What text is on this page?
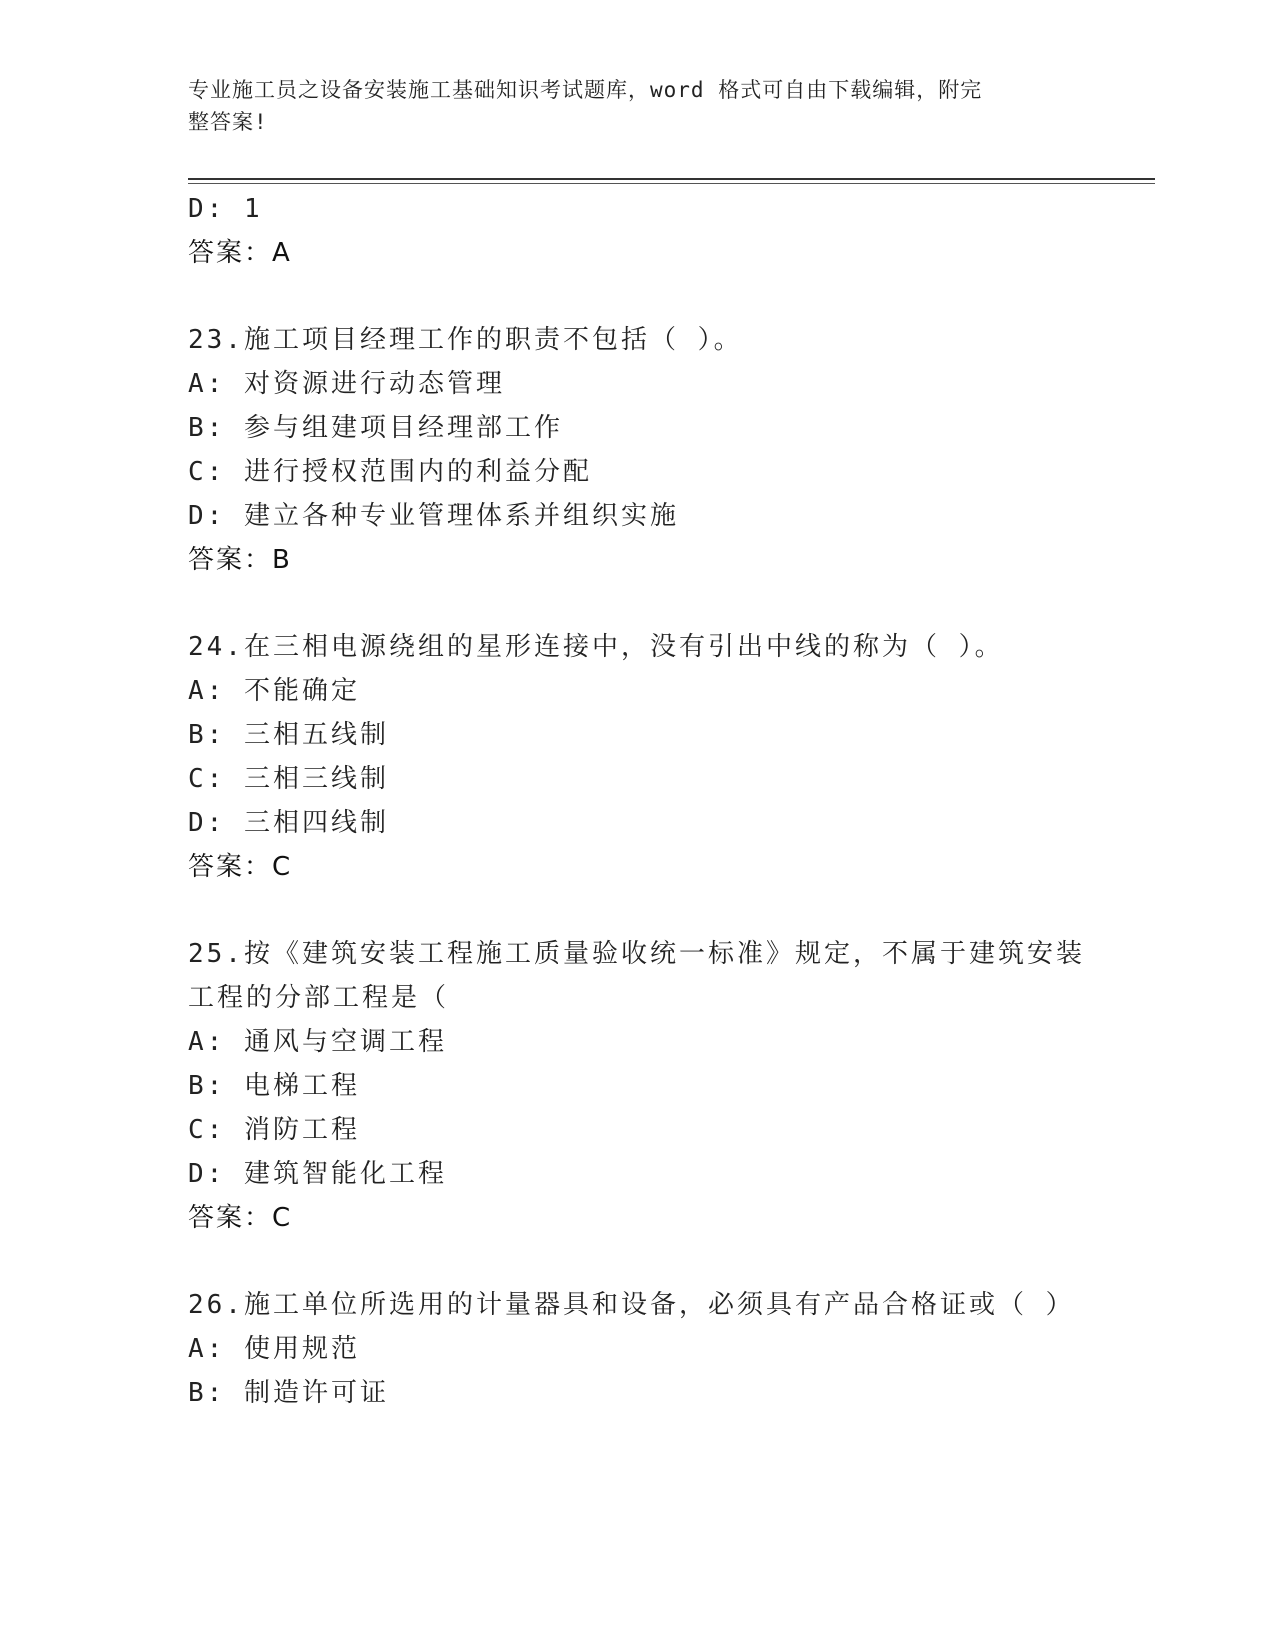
专业施工员之设备安装施工基础知识考试题库，word 格式可自由下载编辑，附完
整答案!
D: 1
答案：A
23.施工项目经理工作的职责不包括（ ）。
A: 对资源进行动态管理
B: 参与组建项目经理部工作
C: 进行授权范围内的利益分配
D: 建立各种专业管理体系并组织实施
答案：B
24.在三相电源绕组的星形连接中，没有引出中线的称为（ ）。
A: 不能确定
B: 三相五线制
C: 三相三线制
D: 三相四线制
答案：C
25.按《建筑安装工程施工质量验收统一标准》规定，不属于建筑安装
工程的分部工程是（
A: 通风与空调工程
B: 电梯工程
C: 消防工程
D: 建筑智能化工程
答案：C
26.施工单位所选用的计量器具和设备，必须具有产品合格证或（ ）
A: 使用规范
B: 制造许可证
